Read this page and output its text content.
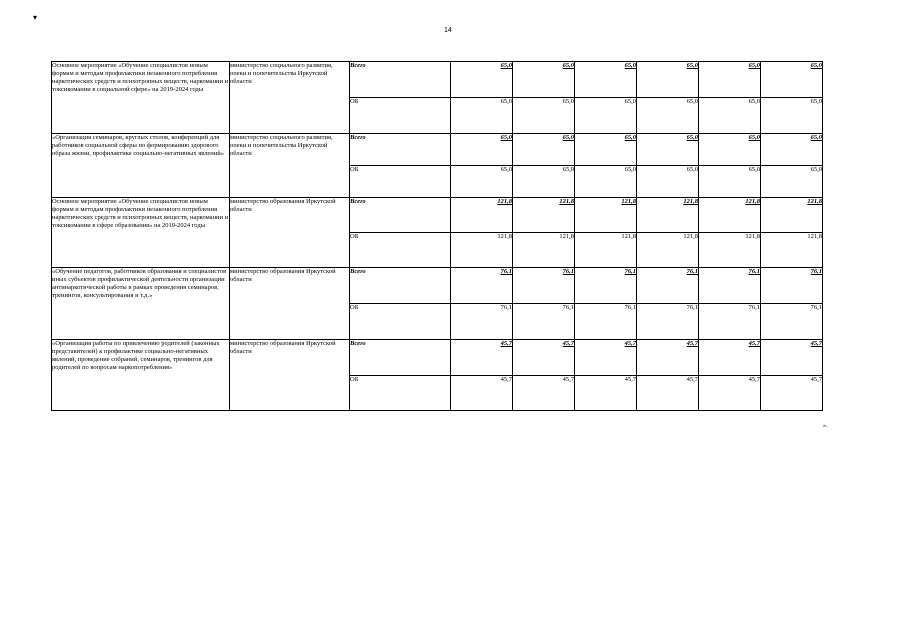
▾
14
Основное мероприятие «Обучение специалистов новым формам и методам профилактики незаконного потребления наркотических средств и психотропных веществ, наркомании и токсикомании в социальной сфере» на 2019-2024 годы	министерство социального развития, опеки и попечительства Иркутской области	Всего	65,0	65,0	65,0	65,0	65,0	65,0
		ОБ	65,0	65,0	65,0	65,0	65,0	65,0
«Организация семинаров, круглых столов, конференций для работников социальной сферы по формированию здорового образа жизни, профилактике социально-негативных явлений»	министерство социального развития, опеки и попечительства Иркутской области	Всего	65,0	65,0	65,0	65,0	65,0	65,0
		ОБ	65,0	65,0	65,0	65,0	65,0	65,0
Основное мероприятие «Обучение специалистов новым формам и методам профилактики незаконного потребления наркотических средств и психотропных веществ, наркомании и токсикомании в сфере образования» на 2019-2024 годы	министерство образования Иркутской области	Всего	121,8	121,8	121,8	121,8	121,8	121,8
		ОБ	121,8	121,8	121,8	121,8	121,8	121,8
«Обучение педагогов, работников образования и специалистов иных субъектов профилактической деятельности организации антинаркотической работы в рамках проведения семинаров, тренингов, консультирования и т.д.»	министерство образования Иркутской области	Всего	76,1	76,1	76,1	76,1	76,1	76,1
		ОБ	76,1	76,1	76,1	76,1	76,1	76,1
«Организация работы по привлечению родителей (законных представителей) к профилактике социально-негативных явлений, проведение собраний, семинаров, тренингов для родителей по вопросам наркопотребления»	министерство образования Иркутской области	Всего	45,7	45,7	45,7	45,7	45,7	45,7
		ОБ	45,7	45,7	45,7	45,7	45,7	45,7
».
